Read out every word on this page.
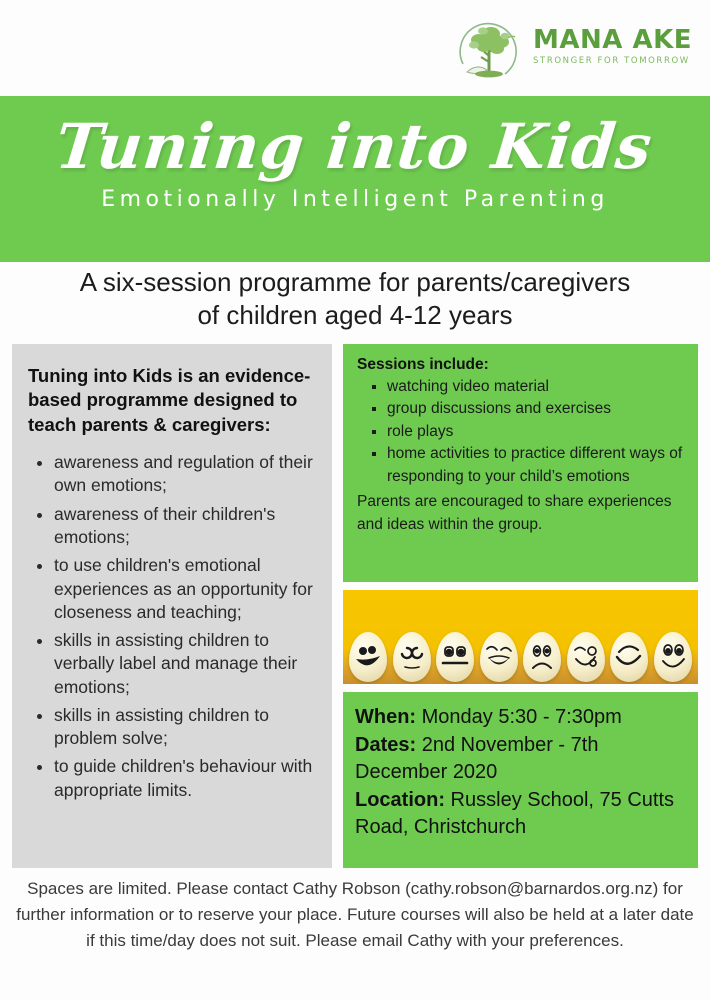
MANA AKE
STRONGER FOR TOMORROW
Tuning into Kids
Emotionally Intelligent Parenting
A six-session programme for parents/caregivers
of children aged 4-12 years

Tuning into Kids is an evidence-based programme designed to teach parents & caregivers:

• awareness and regulation of their own emotions;
• awareness of their children's emotions;
• to use children's emotional experiences as an opportunity for closeness and teaching;
• skills in assisting children to verbally label and manage their emotions;
• skills in assisting children to problem solve;
• to guide children's behaviour with appropriate limits.

Sessions include:

▪ watching video material
▪ group discussions and exercises
▪ role plays
▪ home activities to practice different ways of responding to your child’s emotions

Parents are encouraged to share experiences and ideas within the group.

When: Monday 5:30 - 7:30pm
Dates: 2nd November - 7th December 2020
Location: Russley School, 75 Cutts Road, Christchurch
Spaces are limited. Please contact Cathy Robson (cathy.robson@barnardos.org.nz) for further information or to reserve your place. Future courses will also be held at a later date if this time/day does not suit. Please email Cathy with your preferences.
